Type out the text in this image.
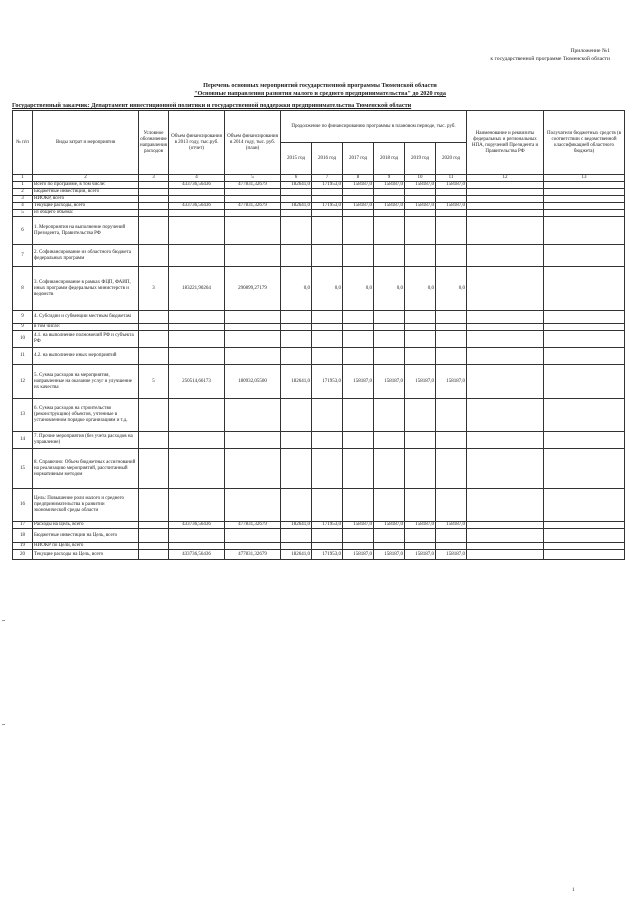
Приложение №1
к государственной программе Тюменской области
Перечень основных мероприятий государственной программы Тюменской области
"Основные направления развития малого и среднего предпринимательства" до 2020 года
Государственный заказчик: Департамент инвестиционной политики и государственной поддержки предпринимательства Тюменской области
№ п/п	Виды затрат и мероприятия	Условное обозначение направления расходов	Объем финансирования в 2013 году, тыс.руб. (отчет)	Объем финансирования в 2014 году, тыс. руб. (план)	Продолжение по финансированию программы в плановом периоде, тыс. руб.						Наименование и реквизиты федеральных и региональных НПА, поручений Президента и Правительства РФ	Получатели бюджетных средств (в соответствии с ведомственной классификацией областного бюджета)
					2015 год	2016 год	2017 год	2018 год	2019 год	2020 год		
1	2	3	4	5	6	7	8	9	10	11	12	13
1	Всего по программе, в том числе:		433736,56436	477831,32679	182641,0	171953,0	158187,0	158187,0	158187,0	158187,0		
2	Бюджетные инвестиции, всего											
3	НИОКР, всего											
4	Текущие расходы, всего		433736,56436	477831,32679	182641,0	171953,0	158187,0	158187,0	158187,0	158187,0		
5	из общего объема:											
6	1. Мероприятия на выполнение поручений Президента, Правительства РФ											
7	2. Софинансирование из областного бюджета федеральных программ											
8	3. Софинансирование в рамках ФЦП, ФАИП, иных программ федеральных министерств и ведомств	3	183221,90264	290899,27179	0,0	0,0	0,0	0,0	0,0	0,0		
9	4. Субсидии и субвенции местным бюджетам											
9	в том числе:											
10	4.1. на выполнение полномочий РФ и субъекта РФ											
11	4.2. на выполнение иных мероприятий											
12	5. Сумма расходов на мероприятия, направленные на оказание услуг и улучшение их качества	5	250514,66173	180932,05500	182641,0	171953,0	158187,0	158187,0	158187,0	158187,0		
13	6. Сумма расходов на строительство (реконструкцию) объектов, учтенные в установленном порядке организациям и т.д.											
14	7. Прочие мероприятия (без учета расходов на управление)											
15	8. Справочно: Объем бюджетных ассигнований на реализацию мероприятий, рассчитанный нормативным методом											
16	Цель: Повышение роли малого и среднего предпринимательства в развитии экономической среды области											
17	Расходы на Цель, всего		433736,56436	477831,32679	182641,0	171953,0	158187,0	158187,0	158187,0	158187,0		
18	Бюджетные инвестиции на Цель, всего											
19	НИОКР по Цели, всего											
20	Текущие расходы на Цель, всего		433736,56436	477831,32679	182641,0	171953,0	158187,0	158187,0	158187,0	158187,0		
1
